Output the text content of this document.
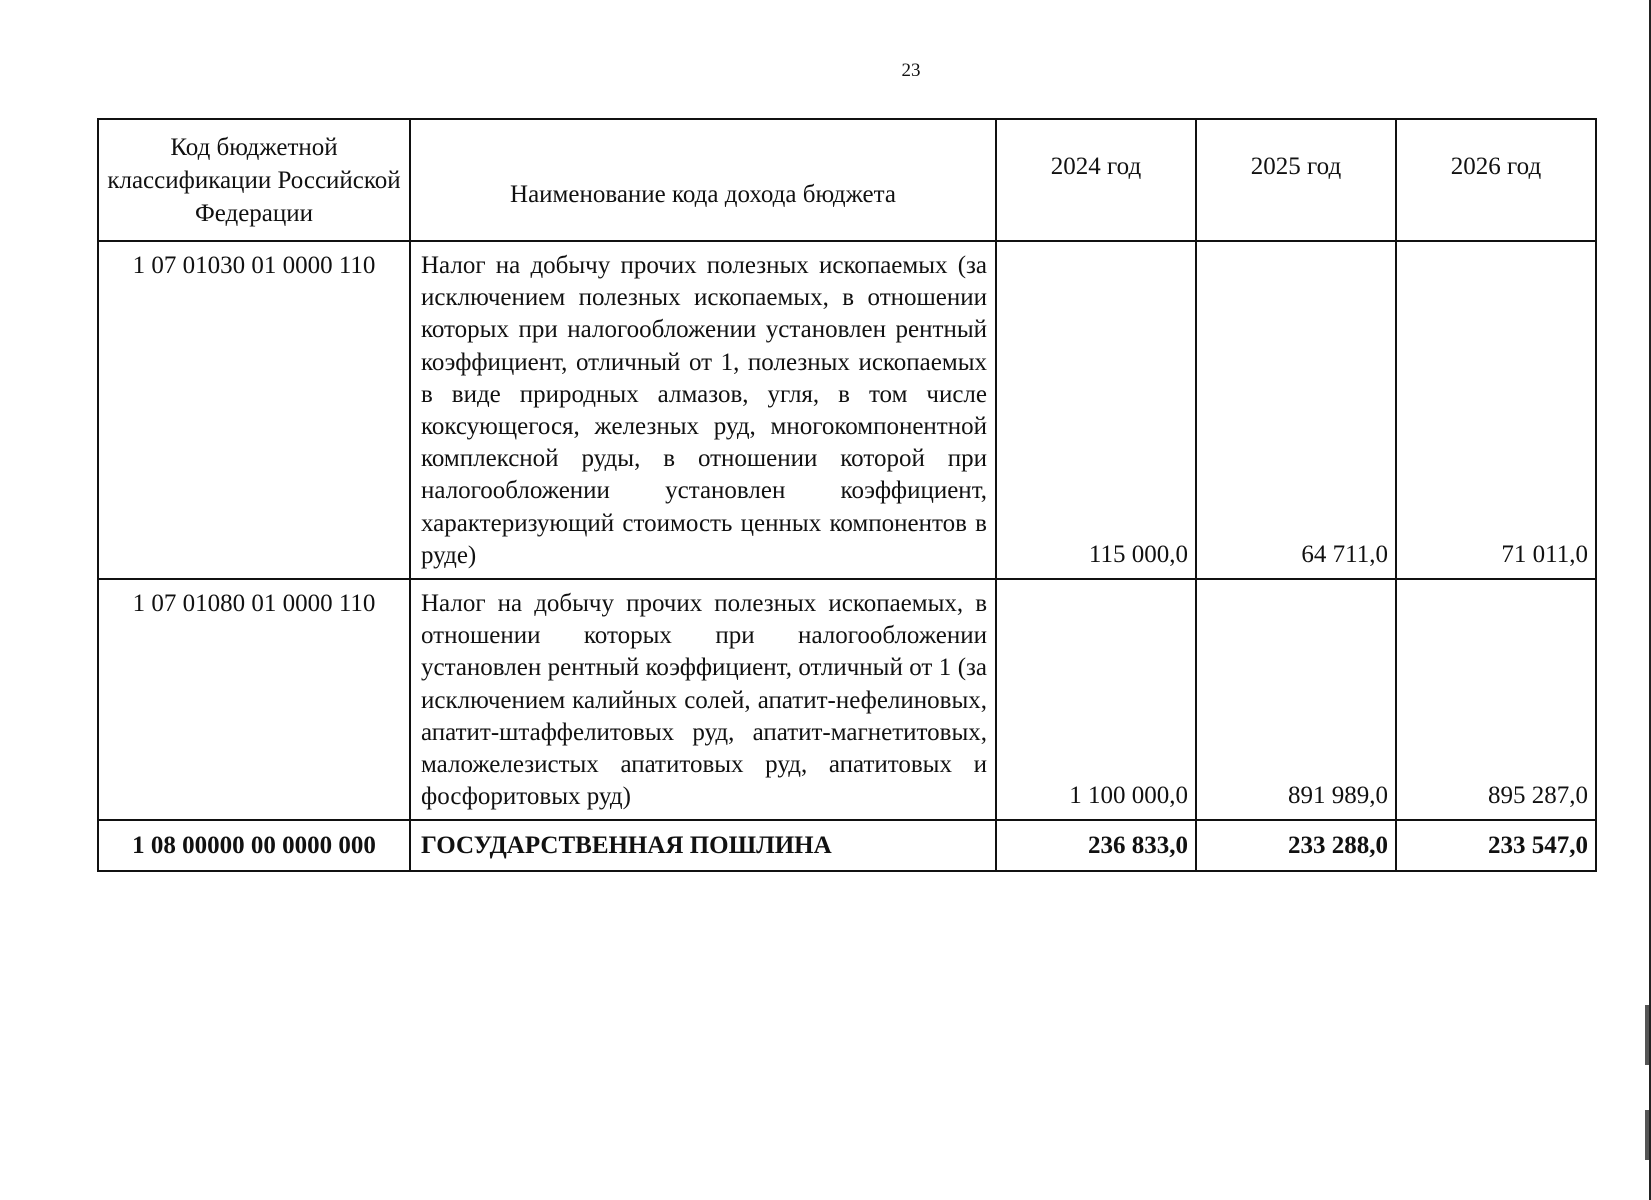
23
Код бюджетной классификации Российской Федерации	Наименование кода дохода бюджета	2024 год	2025 год	2026 год
1 07 01030 01 0000 110	Налог на добычу прочих полезных ископаемых (за исключением полезных ископаемых, в отношении которых при налогообложении установлен рентный коэффициент, отличный от 1, полезных ископаемых в виде природных алмазов, угля, в том числе коксующегося, железных руд, многокомпонентной комплексной руды, в отношении которой при налогообложении установлен коэффициент, характеризующий стоимость ценных компонентов в руде)	115 000,0	64 711,0	71 011,0
1 07 01080 01 0000 110	Налог на добычу прочих полезных ископаемых, в отношении которых при налогообложении установлен рентный коэффициент, отличный от 1 (за исключением калийных солей, апатит-нефелиновых, апатит-штаффелитовых руд, апатит-магнетитовых, маложелезистых апатитовых руд, апатитовых и фосфоритовых руд)	1 100 000,0	891 989,0	895 287,0
1 08 00000 00 0000 000	ГОСУДАРСТВЕННАЯ ПОШЛИНА	236 833,0	233 288,0	233 547,0
